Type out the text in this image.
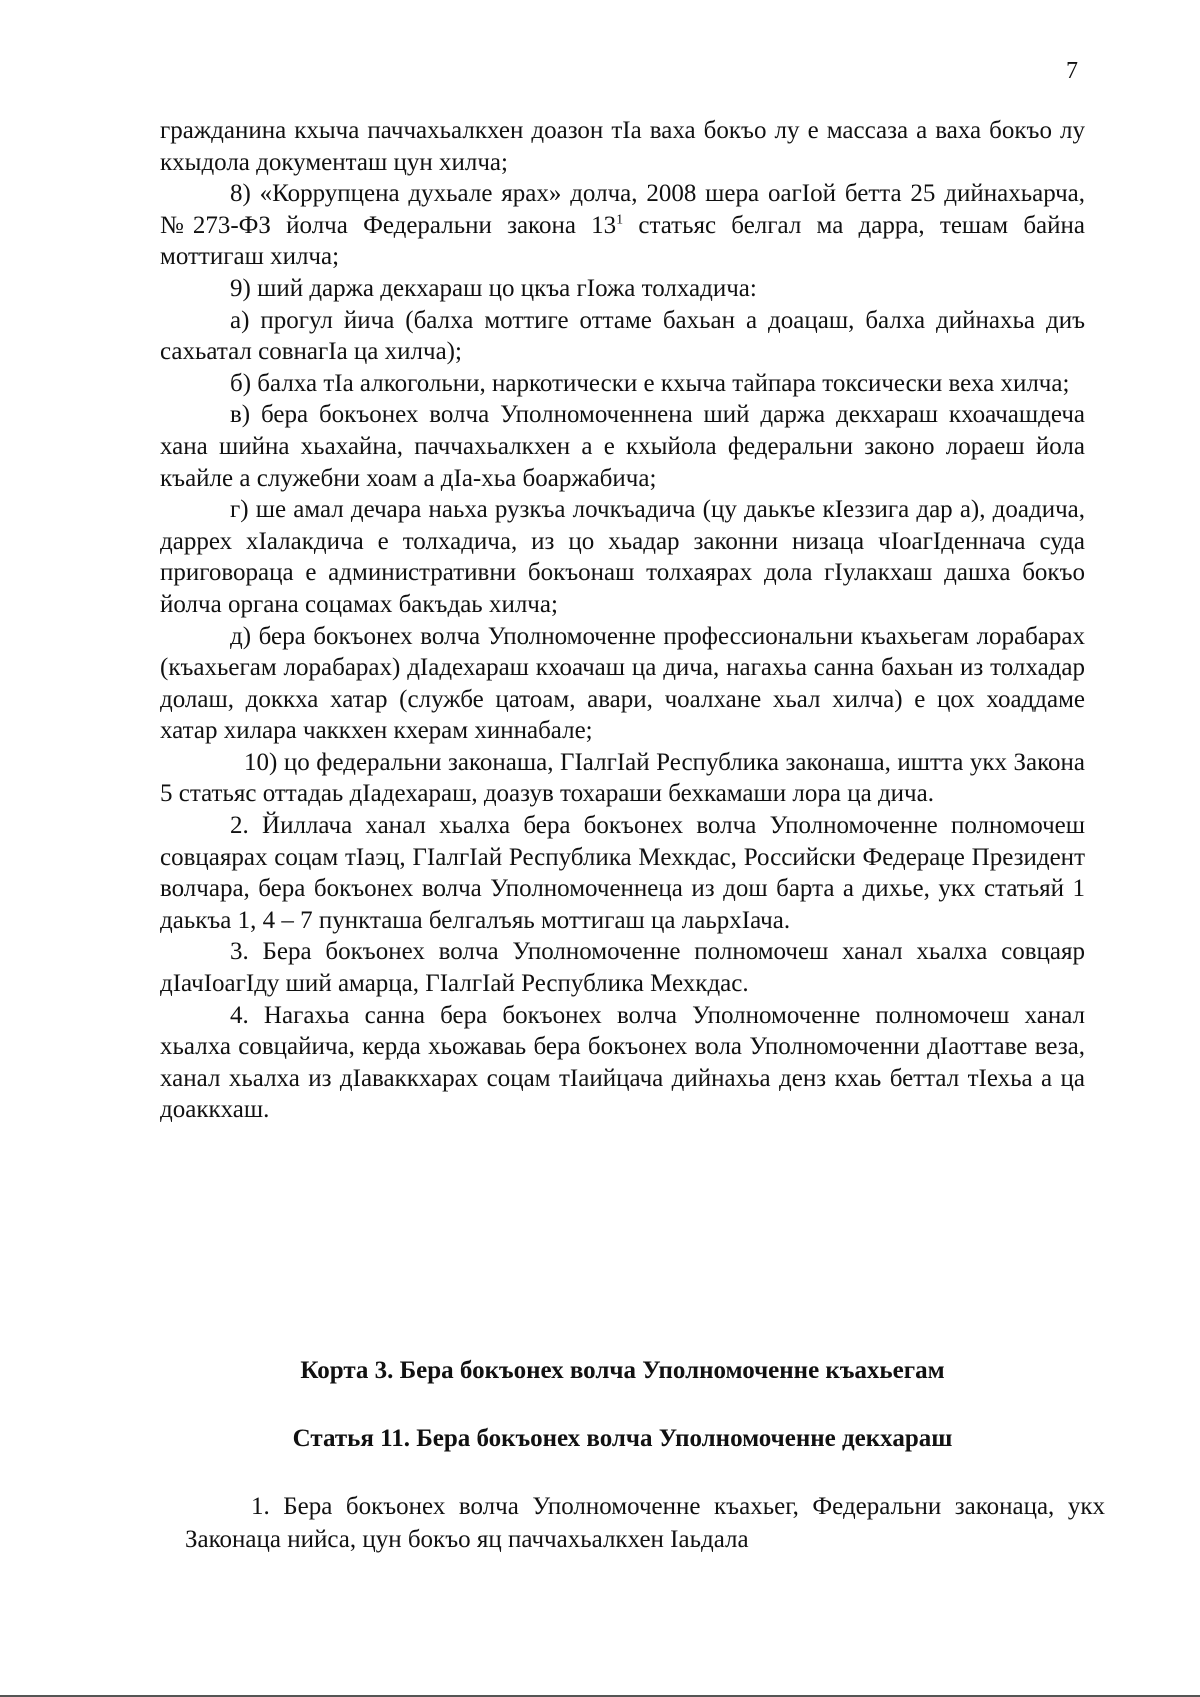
7

гражданина кхыча паччахьалкхен доазон тIа ваха бокъо лу е массаза а ваха бокъо лу кхыдола документаш цун хилча;

8) «Коррупцена духьале ярах» долча, 2008 шера оагIой бетта 25 дийнахьарча, №273-ФЗ йолча Федеральни закона $13^1$ статьяс белгал ма дарра, тешам байна моттигаш хилча;

9) ший даржа декхараш цо цкъа гIожа толхадича:

а) прогул йича (балха моттиге оттаме бахьан а доацаш, балха дийнахьа диъ сахьатал совнагIа ца хилча);

б) балха тIа алкогольни, наркотически е кхыча тайпара токсически веха хилча;

в) бера бокъонех волча Уполномоченнена ший даржа декхараш кхоачашдеча хана шийна хьахайна, паччахьалкхен а е кхыйола федеральни законо лораеш йола къайле а служебни хоам а дIа-хьа боаржабича;

г) ше амал дечара наьха рузкъа лочкъадича (цу даькъе кIеззига дар а), доадича, даррех хIалакдича е толхадича, из цо хьадар законни низаца чIоагIденнача суда приговораца е административни бокъонаш толхаярах дола гIулакхаш дашха бокъо йолча органа соцамах бакъдаь хилча;

д) бера бокъонех волча Уполномоченне профессиональни къахьегам лорабарах (къахьегам лорабарах) дIадехараш кхоачаш ца дича, нагахьа санна бахьан из толхадар долаш, доккха хатар (службе цатоам, авари, чоалхане хьал хилча) е цох хоаддаме хатар хилара чаккхен кхерам хиннабале;

10) цо федеральни законаша, ГIалгIай Республика законаша, иштта укх Закона 5 статьяс оттадаь дIадехараш, доазув тохараши бехкамаши лора ца дича.

2. Йиллача ханал хьалха бера бокъонех волча Уполномоченне полномочеш совцаярах соцам тIаэц, ГIалгIай Республика Мехкдас, Российски Федераце Президент волчара, бера бокъонех волча Уполномоченнеца из дош барта а дихье, укх статьяй 1 даькъа 1, 4 – 7 пункташа белгалъяь моттигаш ца лаьрхIача.

3. Бера бокъонех волча Уполномоченне полномочеш ханал хьалха совцаяр дIачIоагIду ший амарца, ГIалгIай Республика Мехкдас.

4. Нагахьа санна бера бокъонех волча Уполномоченне полномочеш ханал хьалха совцайича, керда хьожаваь бера бокъонех вола Уполномоченни дIаоттаве веза, ханал хьалха из дIаваккхарах соцам тIаийцача дийнахьа денз кхаь беттал тIехьа а ца доаккхаш.

Корта 3. Бера бокъонех волча Уполномоченне къахьегам
Статья 11. Бера бокъонех волча Уполномоченне декхараш

1. Бера бокъонех волча Уполномоченне къахьег, Федеральни законаца, укх Законаца нийса, цун бокъо яц паччахьалкхен Iаьдала
